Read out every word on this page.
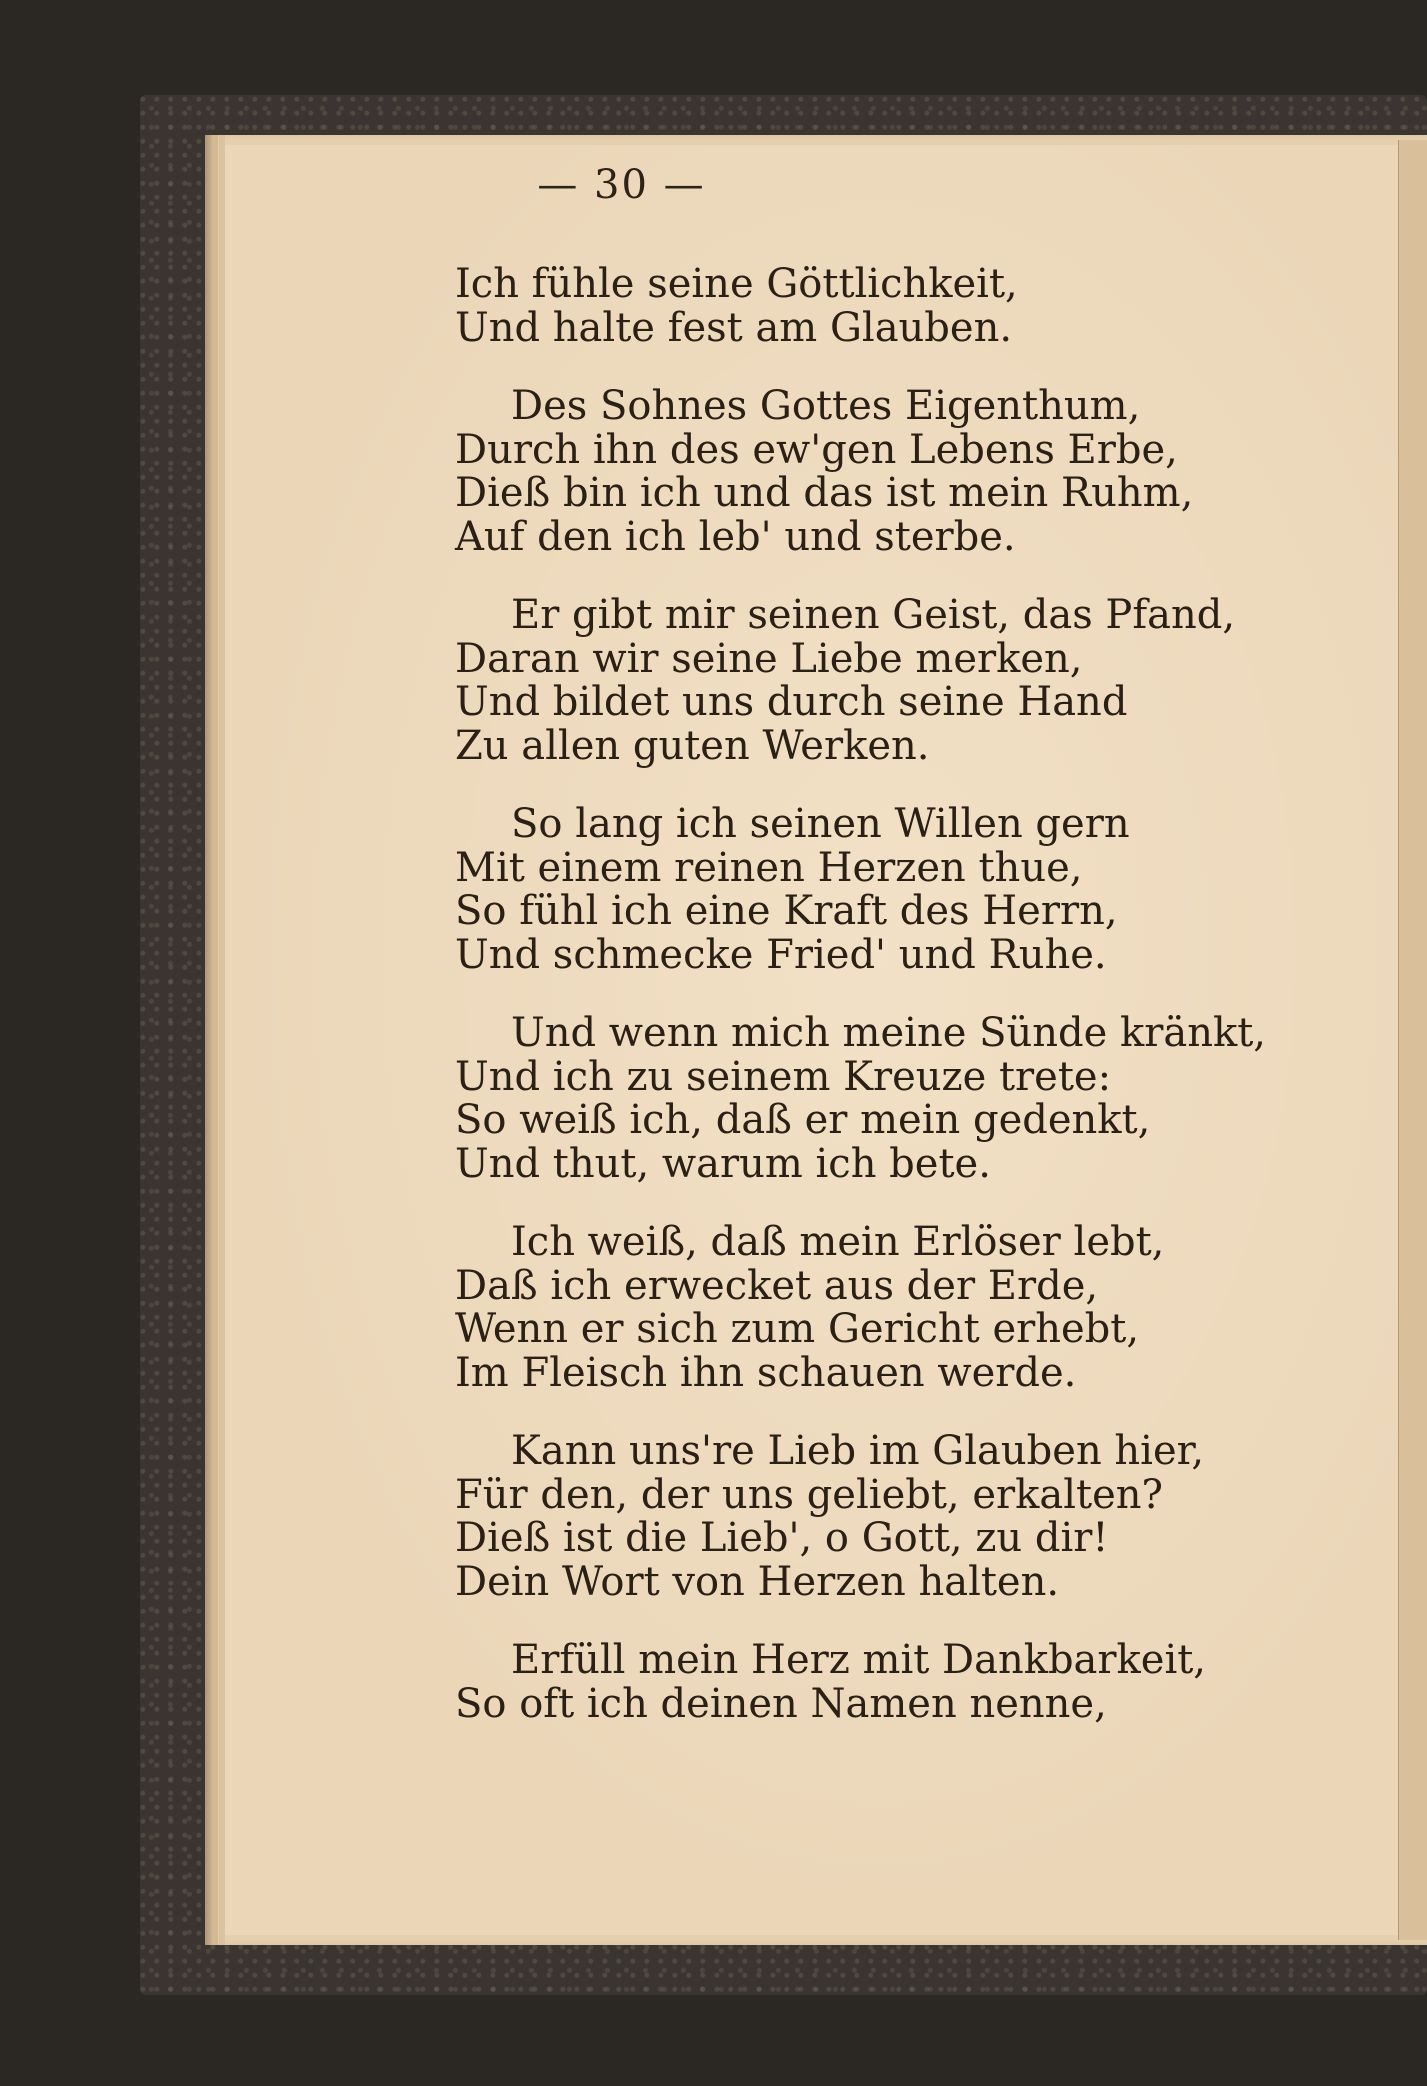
— 30 —
Ich fühle seine Göttlichkeit,
Und halte fest am Glauben.
Des Sohnes Gottes Eigenthum,
Durch ihn des ew'gen Lebens Erbe,
Dieß bin ich und das ist mein Ruhm,
Auf den ich leb' und sterbe.
Er gibt mir seinen Geist, das Pfand,
Daran wir seine Liebe merken,
Und bildet uns durch seine Hand
Zu allen guten Werken.
So lang ich seinen Willen gern
Mit einem reinen Herzen thue,
So fühl ich eine Kraft des Herrn,
Und schmecke Fried' und Ruhe.
Und wenn mich meine Sünde kränkt,
Und ich zu seinem Kreuze trete:
So weiß ich, daß er mein gedenkt,
Und thut, warum ich bete.
Ich weiß, daß mein Erlöser lebt,
Daß ich erwecket aus der Erde,
Wenn er sich zum Gericht erhebt,
Im Fleisch ihn schauen werde.
Kann uns're Lieb im Glauben hier,
Für den, der uns geliebt, erkalten?
Dieß ist die Lieb', o Gott, zu dir!
Dein Wort von Herzen halten.
Erfüll mein Herz mit Dankbarkeit,
So oft ich deinen Namen nenne,
